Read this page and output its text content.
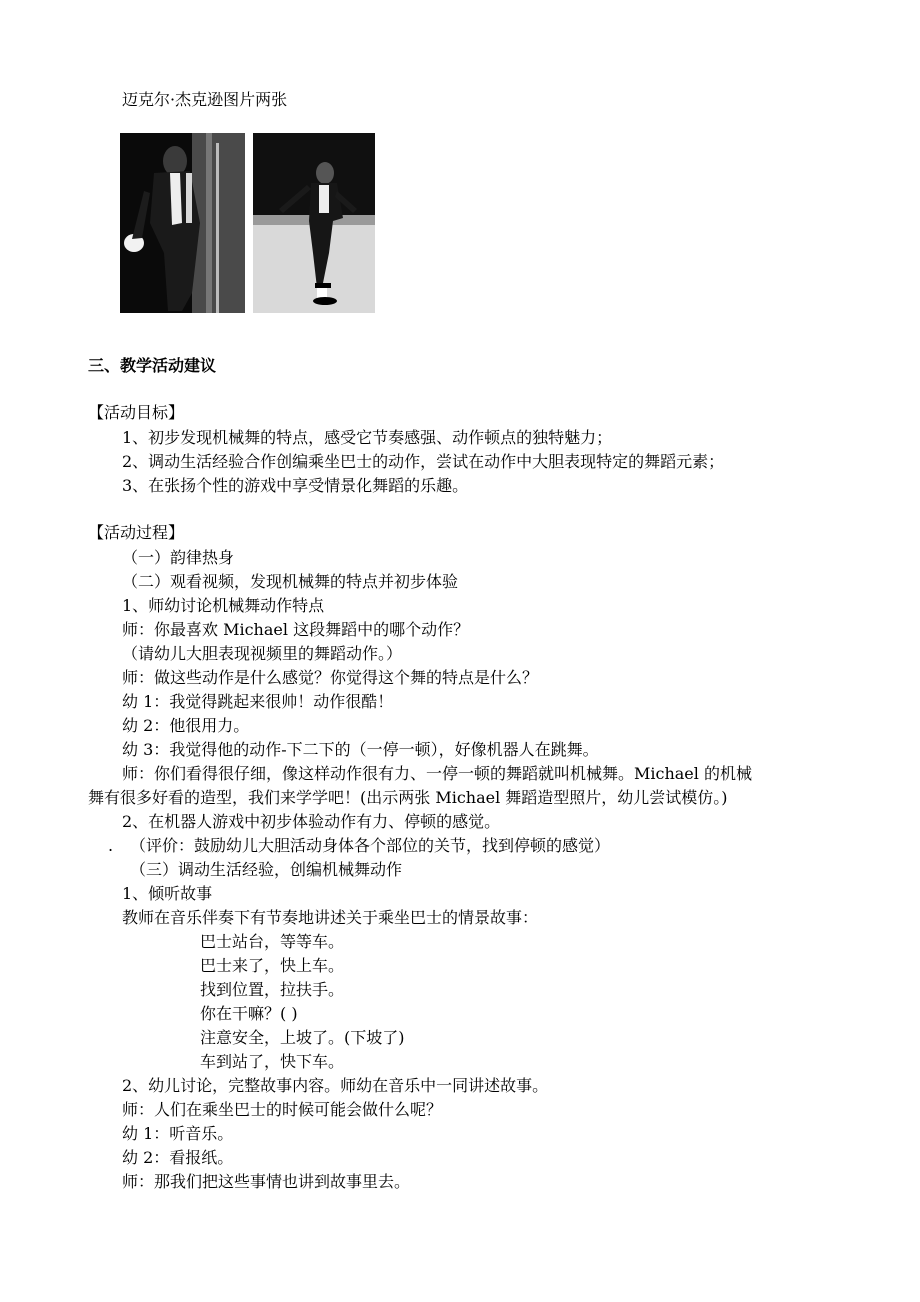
迈克尔·杰克逊图片两张
三、教学活动建议
【活动目标】
1、初步发现机械舞的特点，感受它节奏感强、动作顿点的独特魅力；
2、调动生活经验合作创编乘坐巴士的动作，尝试在动作中大胆表现特定的舞蹈元素；
3、在张扬个性的游戏中享受情景化舞蹈的乐趣。
【活动过程】
（一）韵律热身
（二）观看视频，发现机械舞的特点并初步体验
1、师幼讨论机械舞动作特点
师：你最喜欢 Michael 这段舞蹈中的哪个动作？
（请幼儿大胆表现视频里的舞蹈动作。）
师：做这些动作是什么感觉？你觉得这个舞的特点是什么？
幼 1：我觉得跳起来很帅！动作很酷！
幼 2：他很用力。
幼 3：我觉得他的动作-下二下的（一停一顿），好像机器人在跳舞。
师：你们看得很仔细，像这样动作很有力、一停一顿的舞蹈就叫机械舞。Michael 的机械
舞有很多好看的造型，我们来学学吧！(出示两张 Michael 舞蹈造型照片，幼儿尝试模仿。)
2、在机器人游戏中初步体验动作有力、停顿的感觉。
. （评价：鼓励幼儿大胆活动身体各个部位的关节，找到停顿的感觉）
（三）调动生活经验，创编机械舞动作
1、倾听故事
教师在音乐伴奏下有节奏地讲述关于乘坐巴士的情景故事：
巴士站台，等等车。
巴士来了，快上车。
找到位置，拉扶手。
你在干嘛？( )
注意安全，上坡了。(下坡了)
车到站了，快下车。
2、幼儿讨论，完整故事内容。师幼在音乐中一同讲述故事。
师：人们在乘坐巴士的时候可能会做什么呢？
幼 1：听音乐。
幼 2：看报纸。
师：那我们把这些事情也讲到故事里去。
